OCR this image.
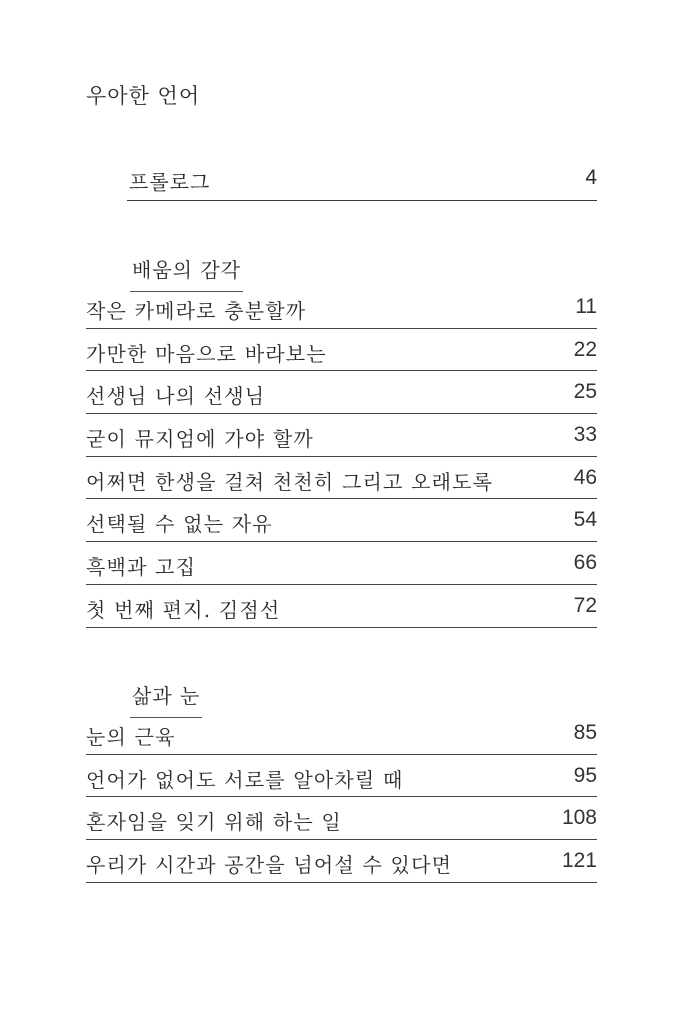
우아한 언어
프롤로그	4
배움의 감각
작은 카메라로 충분할까	11
가만한 마음으로 바라보는	22
선생님 나의 선생님	25
굳이 뮤지엄에 가야 할까	33
어쩌면 한생을 걸쳐 천천히 그리고 오래도록	46
선택될 수 없는 자유	54
흑백과 고집	66
첫 번째 편지. 김점선	72
삶과 눈
눈의 근육	85
언어가 없어도 서로를 알아차릴 때	95
혼자임을 잊기 위해 하는 일	108
우리가 시간과 공간을 넘어설 수 있다면	121
